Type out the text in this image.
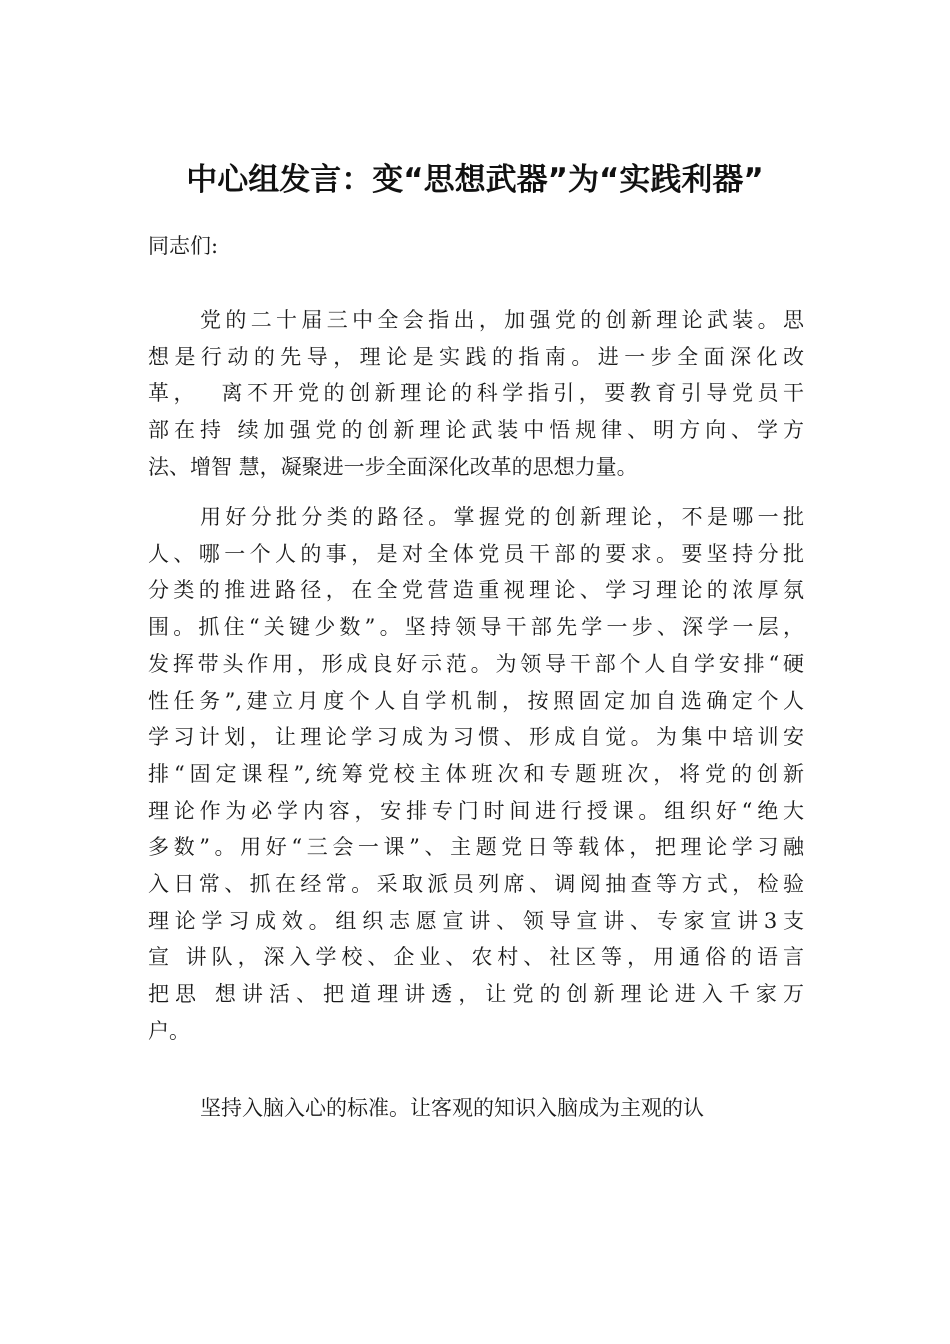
中心组发言：变“思想武器”为“实践利器”
同志们:
党的二十届三中全会指出，加强党的创新理论武装。思
想是行动的先导，理论是实践的指南。进一步全面深化改
革，  离不开党的创新理论的科学指引，要教育引导党员干
部在持 续加强党的创新理论武装中悟规律、明方向、学方
法、增智 慧，凝聚进一步全面深化改革的思想力量。
用好分批分类的路径。掌握党的创新理论，不是哪一批
人、哪一个人的事，是对全体党员干部的要求。要坚持分批
分类的推进路径，在全党营造重视理论、学习理论的浓厚氛
围。抓住“关键少数”。坚持领导干部先学一步、深学一层，
发挥带头作用，形成良好示范。为领导干部个人自学安排“硬
性任务”,建立月度个人自学机制，按照固定加自选确定个人
学习计划，让理论学习成为习惯、形成自觉。为集中培训安
排“固定课程”,统筹党校主体班次和专题班次，将党的创新
理论作为必学内容，安排专门时间进行授课。组织好“绝大
多数”。用好“三会一课”、主题党日等载体，把理论学习融
入日常、抓在经常。采取派员列席、调阅抽查等方式，检验
理论学习成效。组织志愿宣讲、领导宣讲、专家宣讲3支
宣 讲队，深入学校、企业、农村、社区等，用通俗的语言
把思 想讲活、把道理讲透，让党的创新理论进入千家万
户。
坚持入脑入心的标准。让客观的知识入脑成为主观的认
